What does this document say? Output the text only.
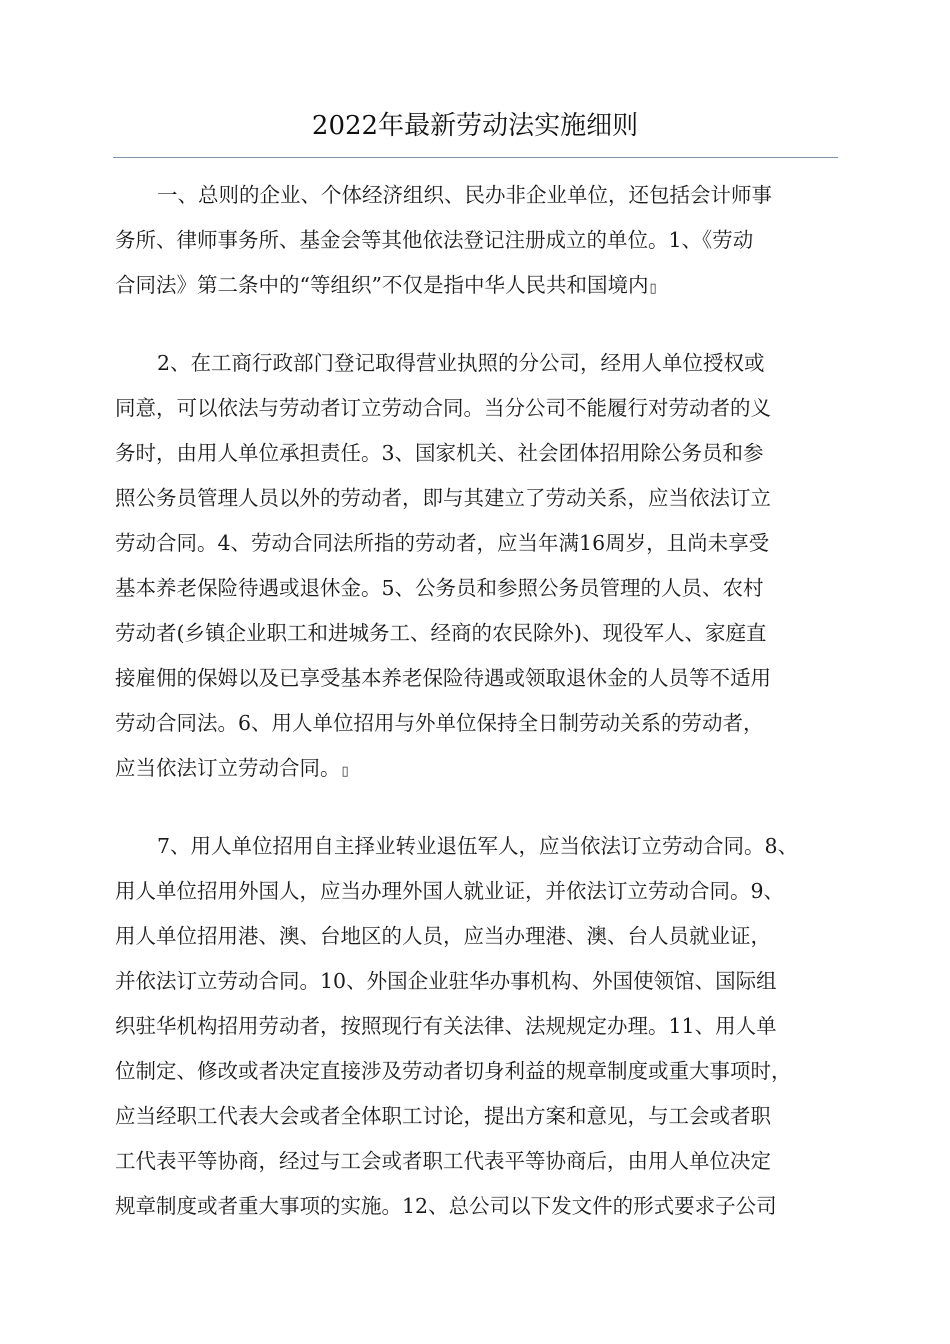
2022年最新劳动法实施细则

一、总则的企业、个体经济组织、民办非企业单位，还包括会计师事
务所、律师事务所、基金会等其他依法登记注册成立的单位。1、《劳动
合同法》第二条中的“等组织”不仅是指中华人民共和国境内▯

2、在工商行政部门登记取得营业执照的分公司，经用人单位授权或
同意，可以依法与劳动者订立劳动合同。当分公司不能履行对劳动者的义
务时，由用人单位承担责任。3、国家机关、社会团体招用除公务员和参
照公务员管理人员以外的劳动者，即与其建立了劳动关系，应当依法订立
劳动合同。4、劳动合同法所指的劳动者，应当年满16周岁，且尚未享受
基本养老保险待遇或退休金。5、公务员和参照公务员管理的人员、农村
劳动者(乡镇企业职工和进城务工、经商的农民除外)、现役军人、家庭直
接雇佣的保姆以及已享受基本养老保险待遇或领取退休金的人员等不适用
劳动合同法。6、用人单位招用与外单位保持全日制劳动关系的劳动者，
应当依法订立劳动合同。▯

7、用人单位招用自主择业转业退伍军人，应当依法订立劳动合同。8、
用人单位招用外国人，应当办理外国人就业证，并依法订立劳动合同。9、
用人单位招用港、澳、台地区的人员，应当办理港、澳、台人员就业证，
并依法订立劳动合同。10、外国企业驻华办事机构、外国使领馆、国际组
织驻华机构招用劳动者，按照现行有关法律、法规规定办理。11、用人单
位制定、修改或者决定直接涉及劳动者切身利益的规章制度或重大事项时，
应当经职工代表大会或者全体职工讨论，提出方案和意见，与工会或者职
工代表平等协商，经过与工会或者职工代表平等协商后，由用人单位决定
规章制度或者重大事项的实施。12、总公司以下发文件的形式要求子公司
